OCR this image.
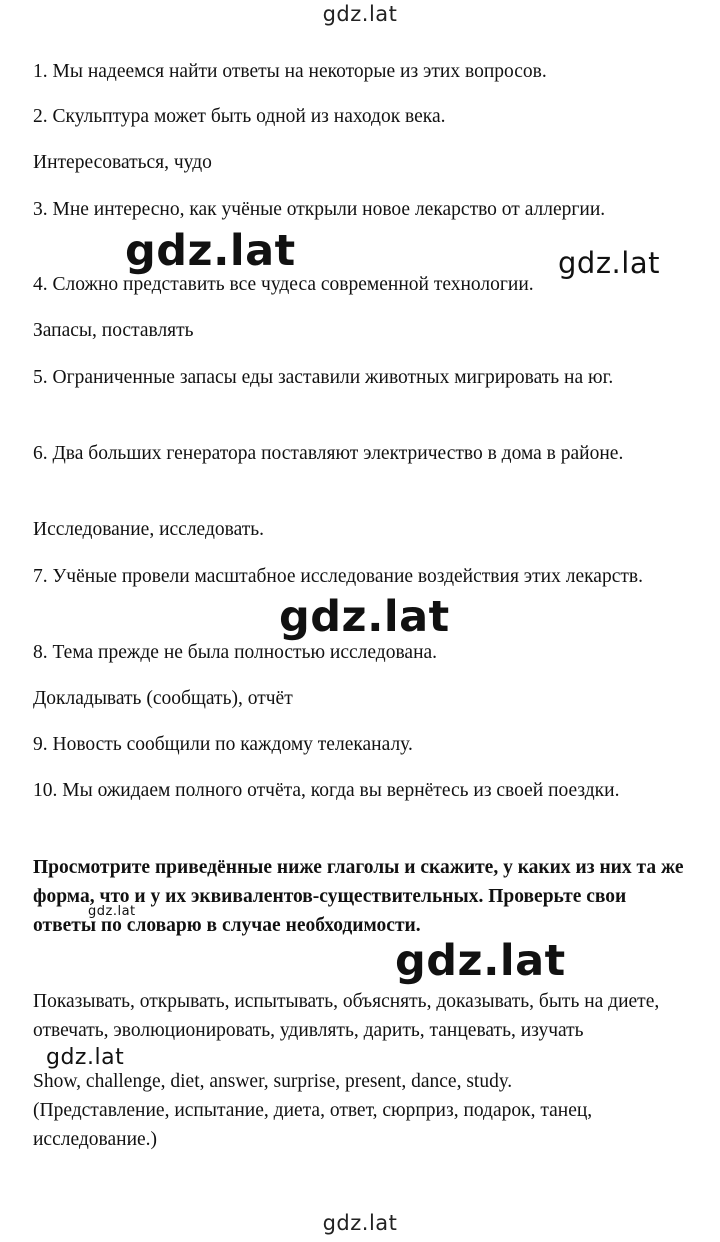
gdz.lat
gdz.lat	gdz.lat
gdz.lat
gdz.lat
gdz.lat
gdz.lat
gdz.lat

1. Мы надеемся найти ответы на некоторые из этих вопросов.

2. Скульптура может быть одной из находок века.

Интересоваться, чудо

3. Мне интересно, как учёные открыли новое лекарство от аллергии.

4. Сложно представить все чудеса современной технологии.

Запасы, поставлять

5. Ограниченные запасы еды заставили животных мигрировать на юг.

6. Два больших генератора поставляют электричество в дома в районе.

Исследование, исследовать.

7. Учёные провели масштабное исследование воздействия этих лекарств.

8. Тема прежде не была полностью исследована.

Докладывать (сообщать), отчёт

9. Новость сообщили по каждому телеканалу.

10. Мы ожидаем полного отчёта, когда вы вернётесь из своей поездки.

Просмотрите приведённые ниже глаголы и скажите, у каких из них та же форма, что и у их эквивалентов-существительных. Проверьте свои ответы по словарю в случае необходимости.

Показывать, открывать, испытывать, объяснять, доказывать, быть на диете, отвечать, эволюционировать, удивлять, дарить, танцевать, изучать

Show, challenge, diet, answer, surprise, present, dance, study.

(Представление, испытание, диета, ответ, сюрприз, подарок, танец, исследование.)
